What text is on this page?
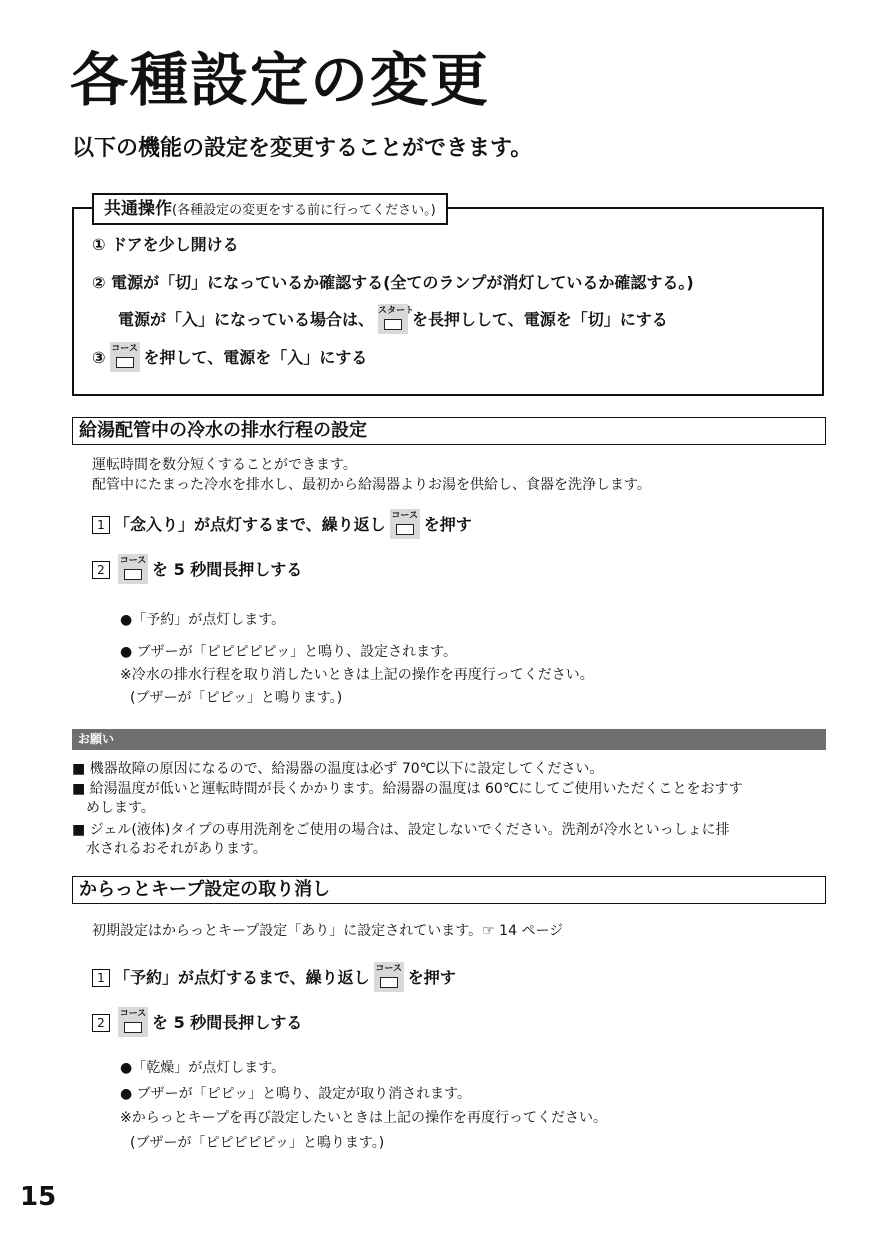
各種設定の変更
以下の機能の設定を変更することができます。
共通操作(各種設定の変更をする前に行ってください。)
① ドアを少し開ける
② 電源が「切」になっているか確認する(全てのランプが消灯しているか確認する。)
電源が「入」になっている場合は、 スタート
を長押しして、電源を「切」にする
③ コース を押して、電源を「入」にする
給湯配管中の冷水の排水行程の設定
運転時間を数分短くすることができます。
配管中にたまった冷水を排水し、最初から給湯器よりお湯を供給し、食器を洗浄します。
1 「念入り」が点灯するまで、繰り返し コース を押す
2
コース を 5 秒間長押しする
●「予約」が点灯します。
● ブザーが「ピピピピピッ」と鳴り、設定されます。
※冷水の排水行程を取り消したいときは上記の操作を再度行ってください。
(ブザーが「ピピッ」と鳴ります。)
お願い
■ 機器故障の原因になるので、給湯器の温度は必ず 70℃以下に設定してください。
■ 給湯温度が低いと運転時間が長くかかります。給湯器の温度は 60℃にしてご使用いただくことをおすす
めします。
■ ジェル(液体)タイプの専用洗剤をご使用の場合は、設定しないでください。洗剤が冷水といっしょに排
水されるおそれがあります。
からっとキープ設定の取り消し
初期設定はからっとキープ設定「あり」に設定されています。☞ 14 ページ
1 「予約」が点灯するまで、繰り返し コース を押す
2
コース を 5 秒間長押しする
●「乾燥」が点灯します。
● ブザーが「ピピッ」と鳴り、設定が取り消されます。
※からっとキープを再び設定したいときは上記の操作を再度行ってください。
(ブザーが「ピピピピピッ」と鳴ります。)
15
